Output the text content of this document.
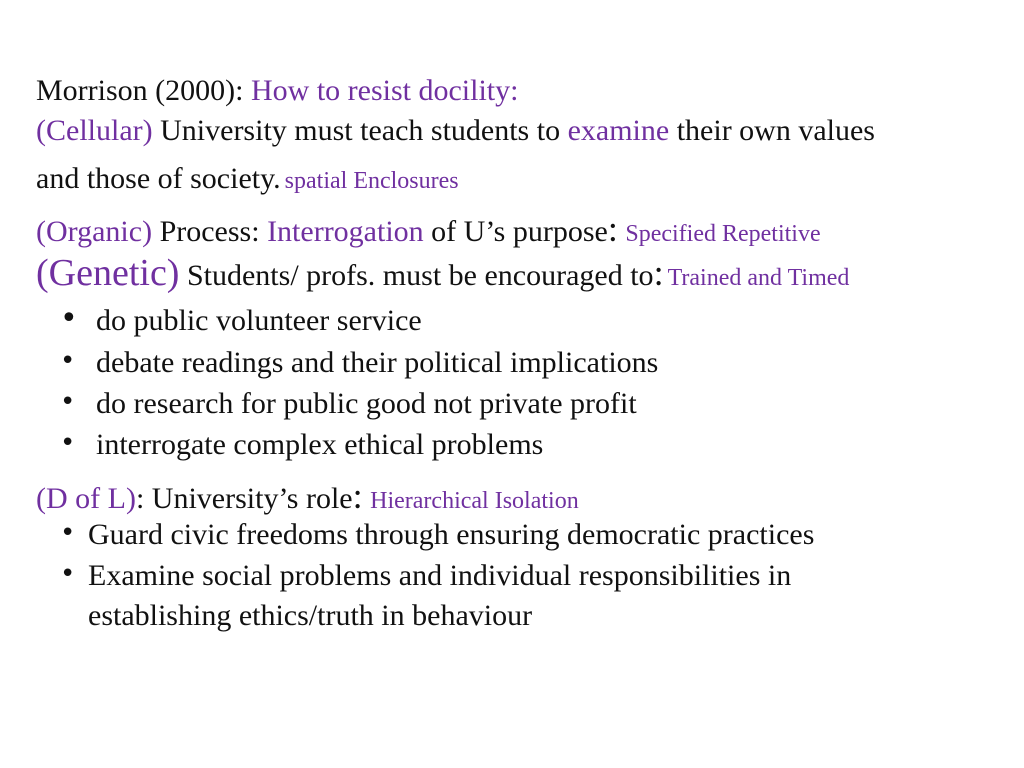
Morrison (2000): How to resist docility:
(Cellular) University must teach students to examine their own values
and those of society. spatial Enclosures
(Organic) Process: Interrogation of U’s purpose: Specified Repetitive
(Genetic) Students/ profs. must be encouraged to: Trained and Timed
• do public volunteer service
• debate readings and their political implications
• do research for public good not private profit
• interrogate complex ethical problems
(D of L): University’s role: Hierarchical Isolation
• Guard civic freedoms through ensuring democratic practices
• Examine social problems and individual responsibilities in
establishing ethics/truth in behaviour
